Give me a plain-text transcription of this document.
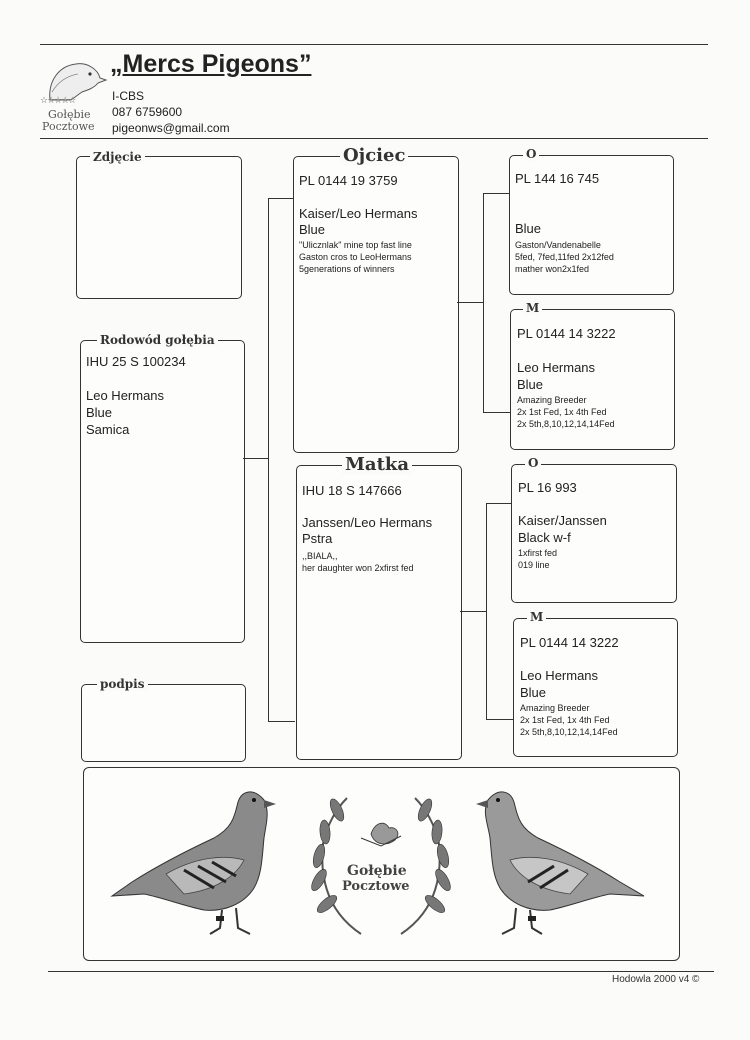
☆☆☆☆☆
Gołębie
Pocztowe
„Mercs Pigeons”
I-CBS
087 6759600
pigeonws@gmail.com
Zdjęcie
Rodowód gołębia
IHU 25 S 100234
Leo Hermans
Blue
Samica
podpis
Ojciec
PL 0144 19 3759
Kaiser/Leo Hermans
Blue
"Ulicznlak" mine top fast line
Gaston cros to LeoHermans
5generations of winners
Matka
IHU 18 S 147666
Janssen/Leo Hermans
Pstra
,,BIALA,,
her daughter won 2xfirst fed
O
PL 144 16 745
Blue
Gaston/Vandenabelle
5fed, 7fed,11fed 2x12fed
mather won2x1fed
M
PL 0144 14 3222
Leo Hermans
Blue
Amazing Breeder
2x 1st Fed, 1x 4th Fed
2x 5th,8,10,12,14,14Fed
O
PL 16 993
Kaiser/Janssen
Black w-f
1xfirst fed
019 line
M
PL 0144 14 3222
Leo Hermans
Blue
Amazing Breeder
2x 1st Fed, 1x 4th Fed
2x 5th,8,10,12,14,14Fed
Gołębie
Pocztowe
Hodowla 2000 v4 ©
